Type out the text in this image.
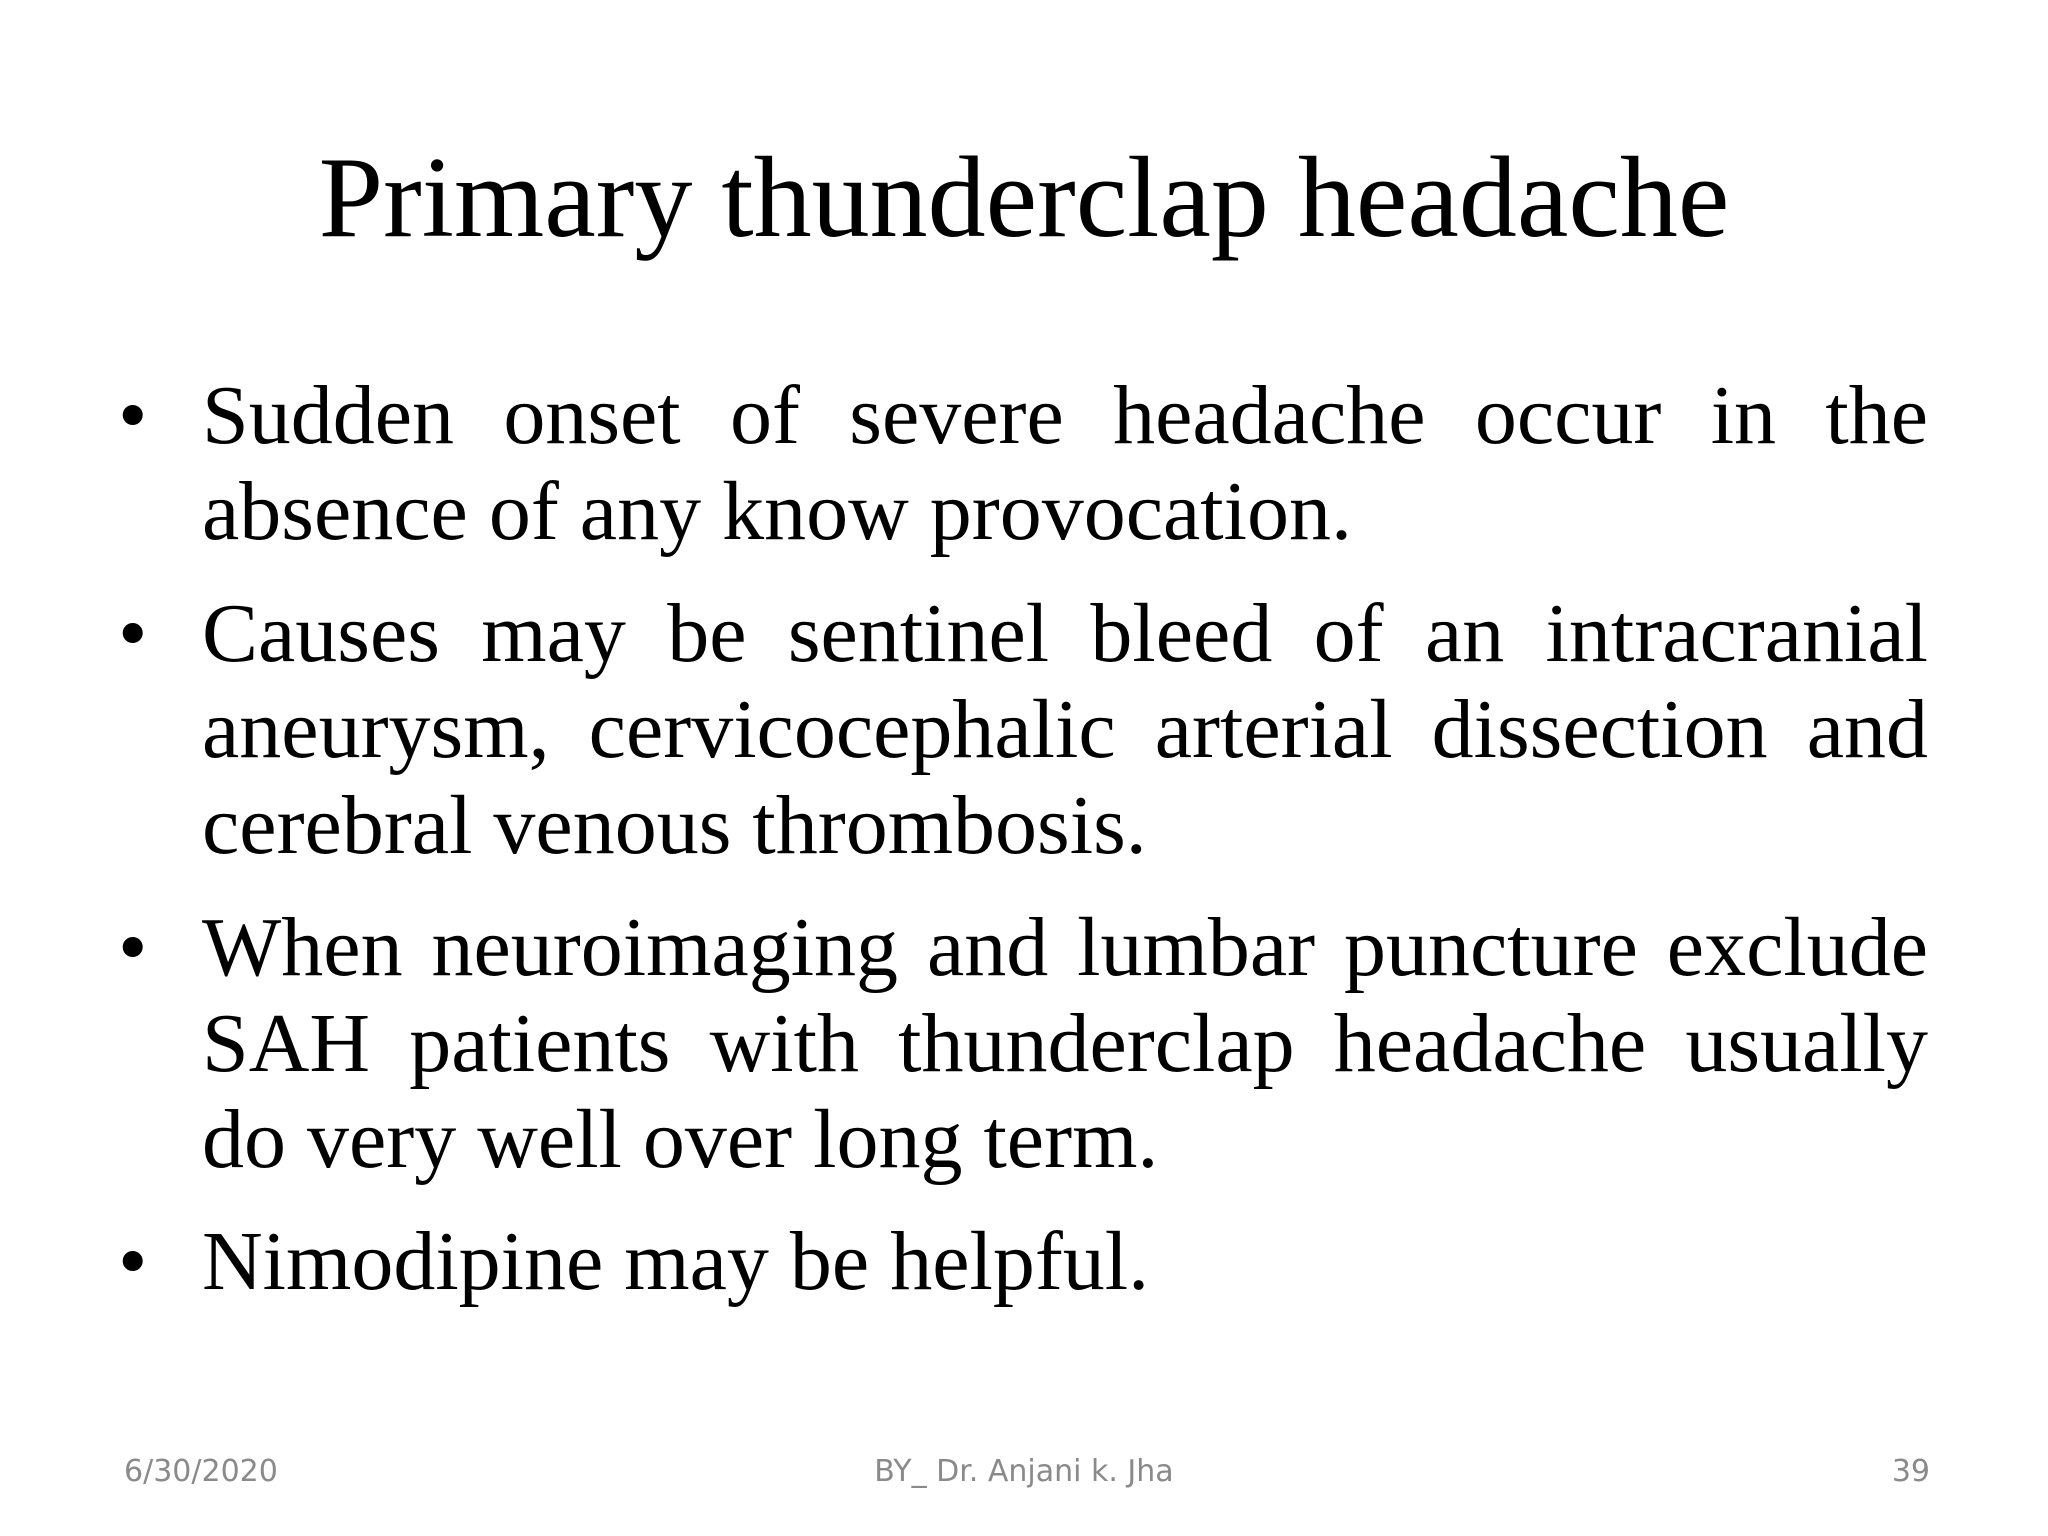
Primary thunderclap headache
• Sudden onset of severe headache occur in the absence of any know provocation.
• Causes may be sentinel bleed of an intracranial aneurysm, cervicocephalic arterial dissection and cerebral venous thrombosis.
• When neuroimaging and lumbar puncture exclude SAH patients with thunderclap headache usually do very well over long term.
• Nimodipine may be helpful.
6/30/2020	BY_ Dr. Anjani k. Jha	39
